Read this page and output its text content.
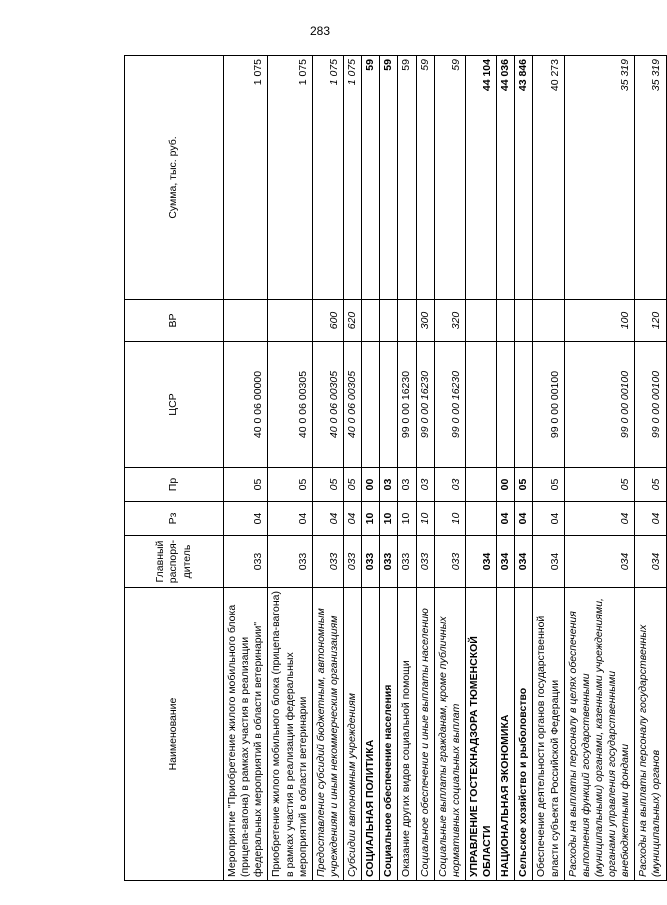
283
Наименование	Главный распоря-дитель	Рз	Пр	ЦСР	ВР	Сумма, тыс. руб.
Мероприятие "Приобретение жилого мобильного блока (прицепа-вагона) в рамках участия в реализации федеральных мероприятий в области ветеринарии"	033	04	05	40 0 06 00000		1 075
Приобретение жилого мобильного блока (прицепа-вагона) в рамках участия в реализации федеральных мероприятий в области ветеринарии	033	04	05	40 0 06 00305		1 075
Предоставление субсидий бюджетным, автономным учреждениям и иным некоммерческим организациям	033	04	05	40 0 06 00305	600	1 075
Субсидии автономным учреждениям	033	04	05	40 0 06 00305	620	1 075
СОЦИАЛЬНАЯ ПОЛИТИКА	033	10	00			59
Социальное обеспечение населения	033	10	03			59
Оказание других видов социальной помощи	033	10	03	99 0 00 16230		59
Социальное обеспечение и иные выплаты населению	033	10	03	99 0 00 16230	300	59
Социальные выплаты гражданам, кроме публичных нормативных социальных выплат	033	10	03	99 0 00 16230	320	59
УПРАВЛЕНИЕ ГОСТЕХНАДЗОРА ТЮМЕНСКОЙ ОБЛАСТИ	034					44 104
НАЦИОНАЛЬНАЯ ЭКОНОМИКА	034	04	00			44 036
Сельское хозяйство и рыболовство	034	04	05			43 846
Обеспечение деятельности органов государственной власти субъекта Российской Федерации	034	04	05	99 0 00 00100		40 273
Расходы на выплаты персоналу в целях обеспечения выполнения функций государственными (муниципальными) органами, казенными учреждениями, органами управления государственными внебюджетными фондами	034	04	05	99 0 00 00100	100	35 319
Расходы на выплаты персоналу государственных (муниципальных) органов	034	04	05	99 0 00 00100	120	35 319
